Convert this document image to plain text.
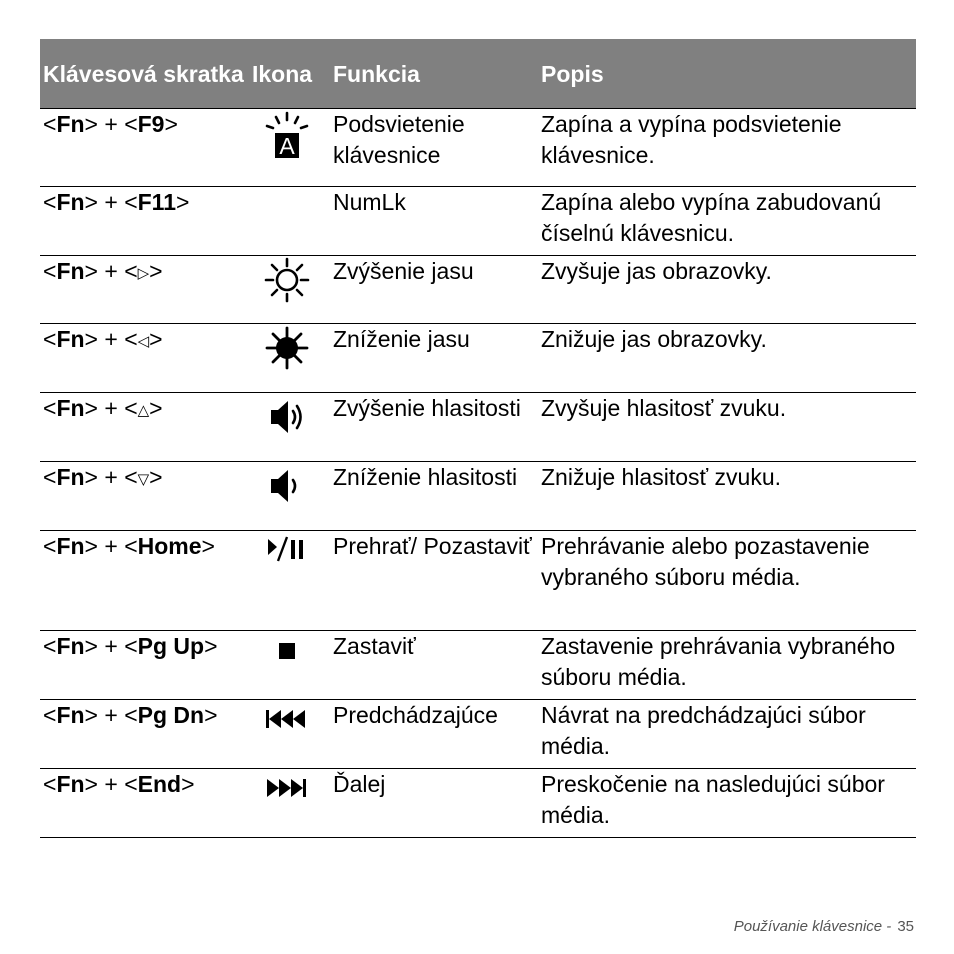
Klávesová skratka	Ikona	Funkcia	Popis
<Fn> + <F9>	A	Podsvietenie klávesnice	Zapína a vypína podsvietenie klávesnice.
<Fn> + <F11>		NumLk	Zapína alebo vypína zabudovanú číselnú klávesnicu.
<Fn> + <▷>		Zvýšenie jasu	Zvyšuje jas obrazovky.
<Fn> + <◁>		Zníženie jasu	Znižuje jas obrazovky.
<Fn> + <△>		Zvýšenie hlasitosti	Zvyšuje hlasitosť zvuku.
<Fn> + <▽>		Zníženie hlasitosti	Znižuje hlasitosť zvuku.
<Fn> + <Home>		Prehrať/ Pozastaviť	Prehrávanie alebo pozastavenie vybraného súboru média.
<Fn> + <Pg Up>		Zastaviť	Zastavenie prehrávania vybraného súboru média.
<Fn> + <Pg Dn>		Predchádzajúce	Návrat na predchádzajúci súbor média.
<Fn> + <End>		Ďalej	Preskočenie na nasledujúci súbor média.
Používanie klávesnice - 35
